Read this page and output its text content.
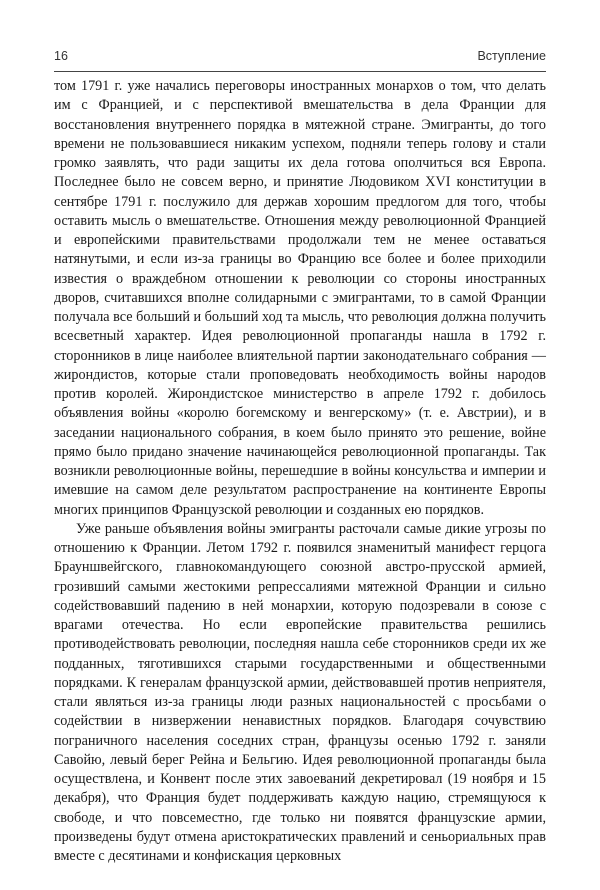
16	Вступление

том 1791 г. уже начались переговоры иностранных монархов о том, что делать им с Францией, и с перспективой вмешательства в дела Франции для восстановления внутреннего порядка в мятежной стране. Эмигранты, до того времени не пользовавшиеся никаким успехом, подняли теперь голову и стали громко заявлять, что ради защиты их дела готова ополчиться вся Европа. Последнее было не совсем верно, и принятие Людовиком XVI конституции в сентябре 1791 г. послужило для держав хорошим предлогом для того, чтобы оставить мысль о вмешательстве. Отношения между революционной Францией и европейскими правительствами продолжали тем не менее оставаться натянутыми, и если из-за границы во Францию все более и более приходили известия о враждебном отношении к революции со стороны иностранных дворов, считавшихся вполне солидарными с эмигрантами, то в самой Франции получала все больший и больший ход та мысль, что революция должна получить всесветный характер. Идея революционной пропаганды нашла в 1792 г. сторонников в лице наиболее влиятельной партии законодательнаго собрания — жирондистов, которые стали проповедовать необходимость войны народов против королей. Жирондистское министерство в апреле 1792 г. добилось объявления войны «королю богемскому и венгерскому» (т. е. Австрии), и в заседании национального собрания, в коем было принято это решение, войне прямо было придано значение начинающейся революционной пропаганды. Так возникли революционные войны, перешедшие в войны консульства и империи и имевшие на самом деле результатом распространение на континенте Европы многих принципов Французской революции и созданных ею порядков.

Уже раньше объявления войны эмигранты расточали самые дикие угрозы по отношению к Франции. Летом 1792 г. появился знаменитый манифест герцога Брауншвейгского, главнокомандующего союзной австро-прусской армией, грозивший самыми жестокими репрессалиями мятежной Франции и сильно содействовавший падению в ней монархии, которую подозревали в союзе с врагами отечества. Но если европейские правительства решились противодействовать революции, последняя нашла себе сторонников среди их же подданных, тяготившихся старыми государственными и общественными порядками. К генералам французской армии, действовавшей против неприятеля, стали являться из-за границы люди разных национальностей с просьбами о содействии в низвержении ненавистных порядков. Благодаря сочувствию пограничного населения соседних стран, французы осенью 1792 г. заняли Савойю, левый берег Рейна и Бельгию. Идея революционной пропаганды была осуществлена, и Конвент после этих завоеваний декретировал (19 ноября и 15 декабря), что Франция будет поддерживать каждую нацию, стремящуюся к свободе, и что повсеместно, где только ни появятся французские армии, произведены будут отмена аристократических правлений и сеньориальных прав вместе с десятинами и конфискация церковных
